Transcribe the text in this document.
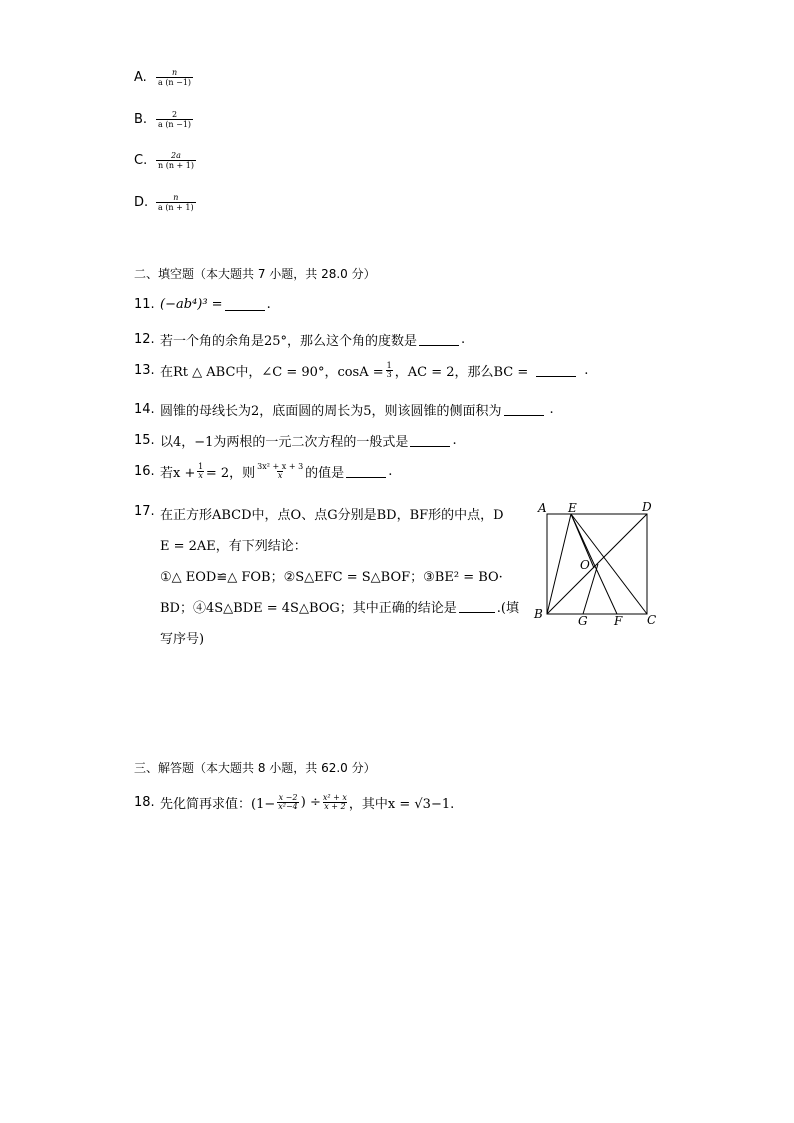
A.	$\frac{n}{a (n -1)}$
B.	$\frac{2}{a (n -1)}$
C.	$\frac{2a}{n (n + 1)}$
D. $\frac{n}{a (n + 1)}$
二、填空题（本大题共 7 小题，共 28.0 分）
11. (−ab⁴)³ =	.
12. 若一个角的余角是25°，那么这个角的度数是	.
13. 在Rt △ ABC中，∠C = 90°，$\cos A = \frac{1}{3}$ ，AC = 2，那么BC =	.
14. 圆锥的母线长为2，底面圆的周长为5，则该圆锥的侧面积为	.
15. 以4，−1为两根的一元二次方程的一般式是	.
16. 若$x + \frac{1}{x} = 2$，则 3x² + x + 3
x 的值是	.
17. 在正方形ABCD中，点O、点G分别是BD，BF形的中点，D
E = 2AE，有下列结论：
①△ EOD≌△ FOB；②S△EFC = S△BOF；③BE² = BO·
BD；④4S△BDE = 4S△BOG；其中正确的结论是	.(填
写序号)
A E	D
O
B	G F C
三、解答题（本大题共 8 小题，共 62.0 分）
18. 先化简再求值：($1- \frac{x -2}{\text{x²−4}}$ ) ÷ $\frac{\text{x² + x}}{x + 2}$ ，其中x = √3−1.
